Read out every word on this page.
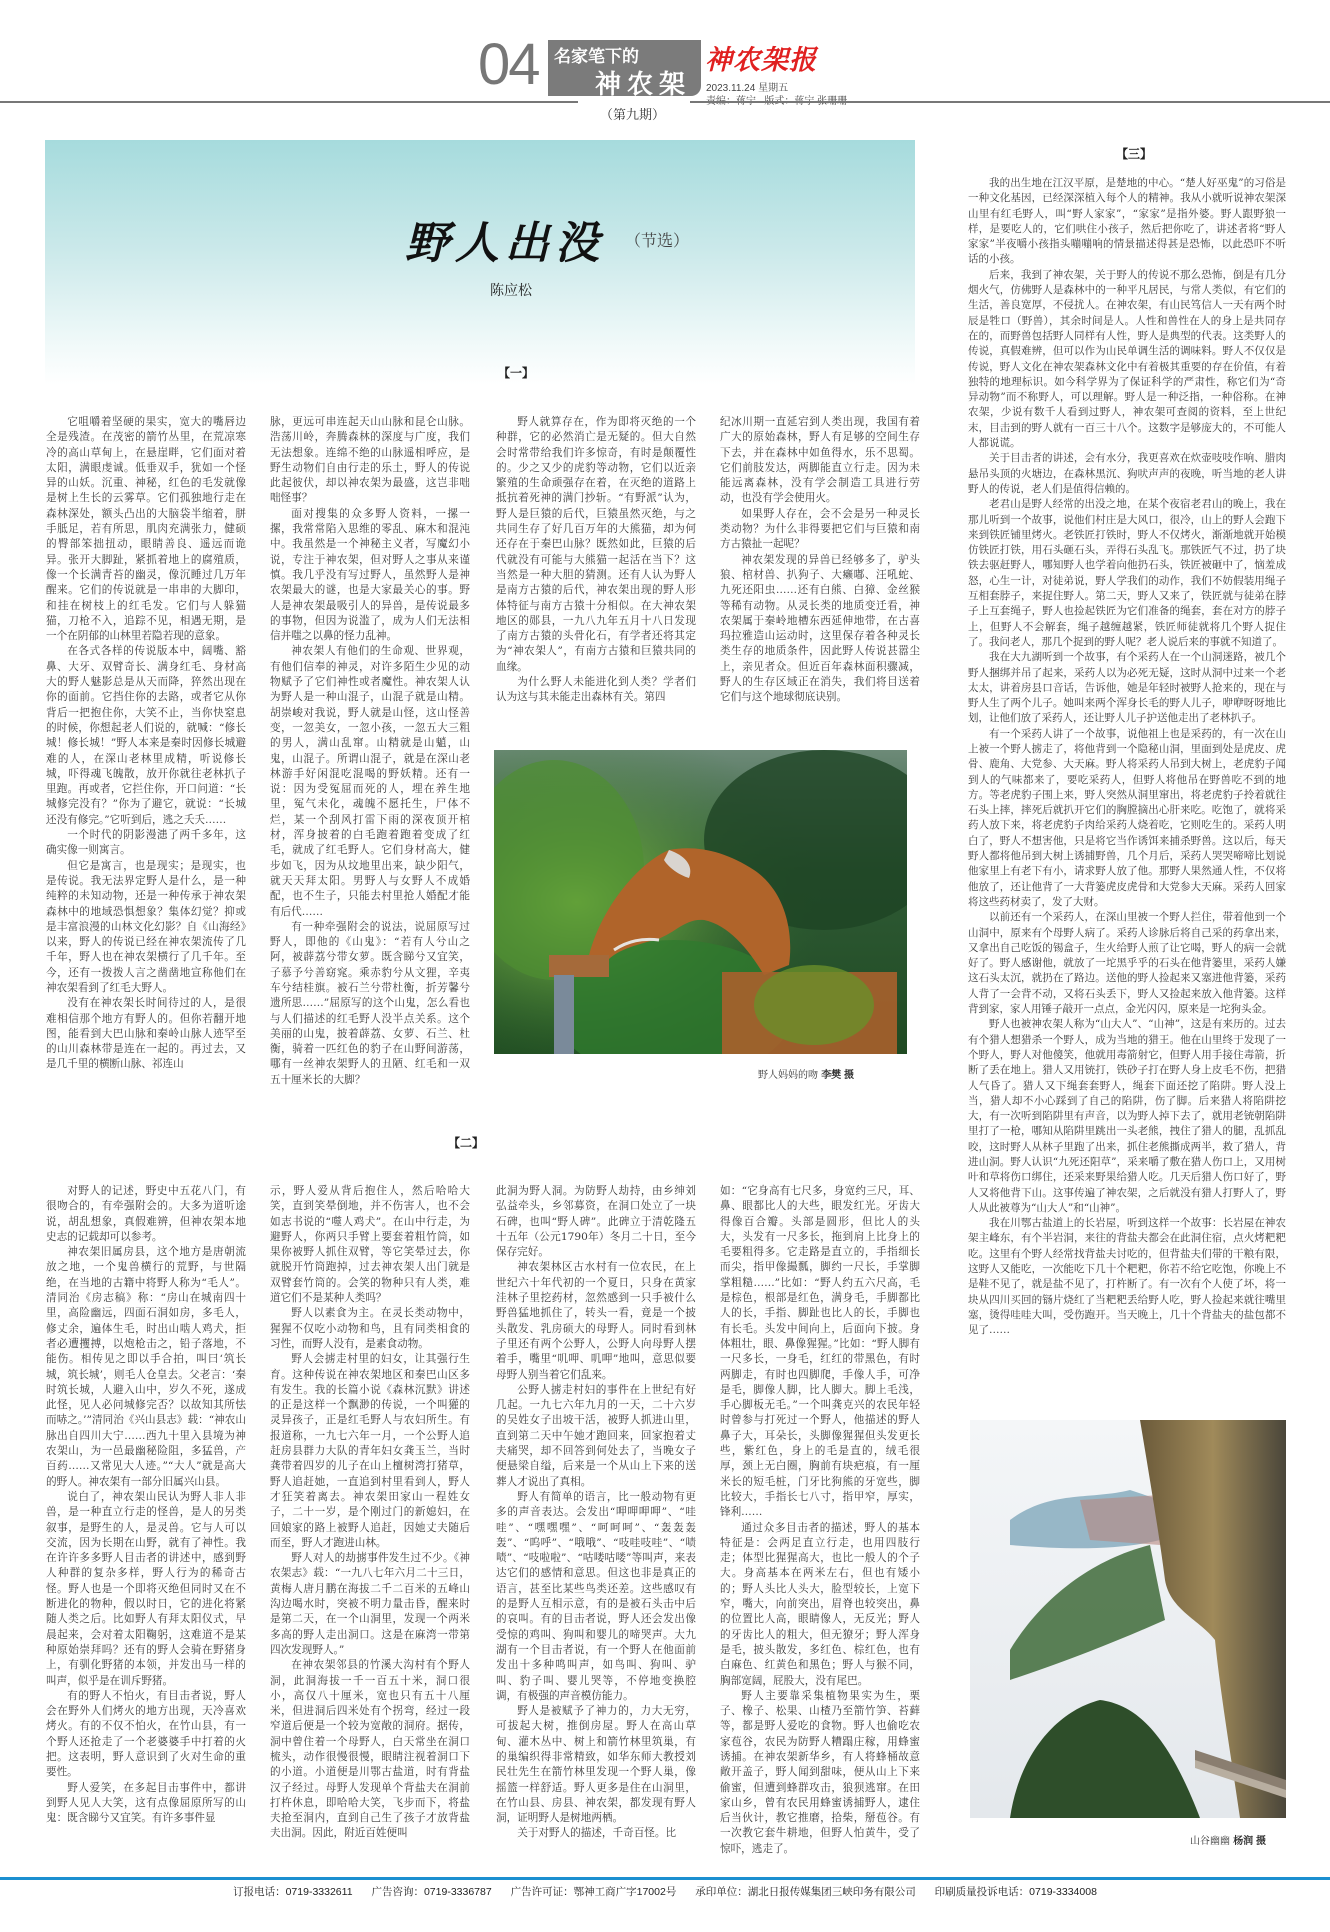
04 名家笔下的
神农架
神农架报
2023.11.24 星期五

（第九期）
野人出没 （节选）
陈应松
【一】

它咀嚼着坚硬的果实，宽大的嘴唇边全是残渣。在茂密的箭竹丛里，在荒凉寒冷的高山草甸上，在悬崖畔，它们面对着太阳，满眼虔诚。低垂双手，犹如一个怪异的山妖。沉重、神秘，红色的毛发就像是树上生长的云雾草。它们孤独地行走在森林深处，额头凸出的大脑袋半缩着，胼手胝足，若有所思，肌肉充满张力，健硕的臀部笨拙扭动，眼睛善良、遥远而诡异。张开大脚趾，紧抓着地上的腐殖质，像一个长满青苔的幽灵，像沉睡过几万年醒来。它们的传说就是一串串的大脚印，和挂在树枝上的红毛发。它们与人躲猫猫，刀枪不入，追踪不见，相遇无期，是一个在阴郁的山林里若隐若现的意象。

在各式各样的传说版本中，阔嘴、豁鼻、大牙、双臂奇长、满身红毛、身材高大的野人魅影总是从天而降，猝然出现在你的面前。它挡住你的去路，或者它从你背后一把抱住你，大笑不止，当你快窒息的时候，你想起老人们说的，就喊：“修长城！修长城！”野人本来是秦时因修长城避难的人，在深山老林里成精，听说修长城，吓得魂飞魄散，放开你就往老林扒子里跑。再或者，它拦住你，开口问道：“长城修完没有？”你为了避它，就说：“长城还没有修完。”它听到后，逃之夭夭……

一个时代的阴影漫漶了两千多年，这确实像一则寓言。

但它是寓言，也是现实；是现实，也是传说。我无法界定野人是什么，是一种纯粹的未知动物，还是一种传承于神农架森林中的地域恐惧想象？集体幻觉？抑或是丰富浪漫的山林文化幻影？自《山海经》以来，野人的传说已经在神农架流传了几千年，野人也在神农架横行了几千年。至今，还有一拨拨人言之凿凿地宣称他们在神农架看到了红毛大野人。

没有在神农架长时间待过的人，是很难相信那个地方有野人的。但你若翻开地图，能看到大巴山脉和秦岭山脉人迹罕至的山川森林带是连在一起的。再过去，又是几千里的横断山脉、祁连山

脉，更远可串连起天山山脉和昆仑山脉。浩荡川岭，奔腾森林的深度与广度，我们无法想象。连绵不绝的山脉遥相呼应，是野生动物们自由行走的乐土，野人的传说此起彼伏，却以神农架为最盛，这岂非咄咄怪事？

面对搜集的众多野人资料，一摞一摞，我常常陷入思维的零乱、麻木和混沌中。我虽然是一个神秘主义者，写魔幻小说，专注于神农架，但对野人之事从来谨慎。我几乎没有写过野人，虽然野人是神农架最大的谜，也是大家最关心的事。野人是神农架最吸引人的异兽，是传说最多的事物，但因为说滥了，成为人们无法相信并嗤之以鼻的怪力乱神。

神农架人有他们的生命观、世界观，有他们信奉的神灵，对许多陌生少见的动物赋予了它们神性或者魔性。神农架人认为野人是一种山混子，山混子就是山精。胡崇峻对我说，野人就是山怪，这山怪善变，一忽美女，一忽小孩，一忽五大三粗的男人，满山乱窜。山精就是山魈，山鬼，山混子。所谓山混子，就是在深山老林游手好闲混吃混喝的野妖精。还有一说：因为受冤屈而死的人，埋在养生地里，冤气未化，魂魄不愿托生，尸体不烂，某一个刮风打雷下雨的深夜顶开棺材，浑身披着的白毛跑着跑着变成了红毛，就成了红毛野人。它们身材高大，健步如飞，因为从坟地里出来，缺少阳气，就天天拜太阳。男野人与女野人不成婚配，也不生子，只能去村里抢人婚配才能有后代……

有一种牵强附会的说法，说屈原写过野人，即他的《山鬼》：“若有人兮山之阿，被薜荔兮带女萝。既含睇兮又宜笑，子慕予兮善窈窕。乘赤豹兮从文狸，辛夷车兮结桂旗。被石兰兮带杜衡，折芳馨兮遗所思……”屈原写的这个山鬼，怎么看也与人们描述的红毛野人没半点关系。这个美丽的山鬼，披着薜荔、女萝、石兰、杜衡，骑着一匹红色的豹子在山野间游荡，哪有一丝神农架野人的丑陋、红毛和一双五十厘米长的大脚？

野人就算存在，作为即将灭绝的一个种群，它的必然消亡是无疑的。但大自然会时常带给我们许多惊奇，有时是颠覆性的。少之又少的虎豹等动物，它们以近亲繁殖的生命顽强存在着，在灭绝的道路上抵抗着死神的满门抄斩。“有野派”认为，野人是巨猿的后代，巨猿虽然灭绝，与之共同生存了好几百万年的大熊猫，却为何还存在于秦巴山脉？既然如此，巨猿的后代就没有可能与大熊猫一起活在当下？这当然是一种大胆的猜测。还有人认为野人是南方古猿的后代，神农架出现的野人形体特征与南方古猿十分相似。在大神农架地区的郧县，一九八九年五月十八日发现了南方古猿的头骨化石，有学者还将其定为“神农架人”，有南方古猿和巨猿共同的血缘。

为什么野人未能进化到人类？学者们认为这与其未能走出森林有关。第四

纪冰川期一直延宕到人类出现，我国有着广大的原始森林，野人有足够的空间生存下去，并在森林中如鱼得水，乐不思蜀。它们前肢发达，两脚能直立行走。因为未能远离森林，没有学会制造工具进行劳动，也没有学会使用火。

如果野人存在，会不会是另一种灵长类动物？为什么非得要把它们与巨猿和南方古猿扯一起呢？

神农架发现的异兽已经够多了，驴头狼、棺材兽、扒狗子、大癞嘟、汪吼蛇、九死还阳虫……还有白熊、白獐、金丝猴等稀有动物。从灵长类的地质变迁看，神农架属于秦岭地槽东西延伸地带，在古喜玛拉雅造山运动时，这里保存着各种灵长类生存的地质条件，因此野人传说甚嚣尘上，亲见者众。但近百年森林面积骤减，野人的生存区域正在消失，我们将目送着它们与这个地球彻底诀别。

野人妈妈的吻 李樊 摄
【二】

对野人的记述，野史中五花八门，有很吻合的，有牵强附会的。大多为道听途说，胡乱想象，真假难辨，但神农架本地史志的记载却可以参考。

神农架旧属房县，这个地方是唐朝流放之地，一个鬼兽横行的荒野，与世隔绝，在当地的古籍中将野人称为“毛人”。清同治《房志稿》称：“房山在城南四十里，高险幽远，四面石洞如房，多毛人，修丈余，遍体生毛，时出山啮人鸡犬，拒者必遭攫搏，以炮枪击之，铅子落地，不能伤。相传见之即以手合拍，叫曰‘筑长城，筑长城’，则毛人仓皇去。父老言：‘秦时筑长城，人避入山中，岁久不死，遂成此怪，见人必问城修完否？以故知其所怯而哧之。’”清同治《兴山县志》载：“神农山脉出自四川大宁……西九十里入县境为神农架山，为一邑最幽秘险阻，多猛兽，产百药……又常见大人迹。”“大人”就是高大的野人。神农架有一部分旧属兴山县。

说白了，神农架山民认为野人非人非兽，是一种直立行走的怪兽，是人的另类叙事，是野生的人，是灵兽。它与人可以交流，因为长期在山野，就有了神性。我在许许多多野人目击者的讲述中，感到野人种群的复杂多样，野人行为的稀奇古怪。野人也是一个即将灭绝但同时又在不断进化的物种，假以时日，它的进化将紧随人类之后。比如野人有拜太阳仪式，早晨起来，会对着太阳鞠躬，这难道不是某种原始崇拜吗？还有的野人会骑在野猪身上，有驯化野猪的本领，并发出马一样的叫声，似乎是在训斥野猪。

有的野人不怕火，有目击者说，野人会在野外人们烤火的地方出现，天冷喜欢烤火。有的不仅不怕火，在竹山县，有一个野人还抢走了一个老婆婆手中打着的火把。这表明，野人意识到了火对生命的重要性。

野人爱笑，在多起目击事件中，都讲到野人见人大笑，这有点像屈原所写的山鬼：既含睇兮又宜笑。有许多事件显

示，野人爱从背后抱住人，然后哈哈大笑，直到笑晕倒地，并不伤害人，也不会如志书说的“噬人鸡犬”。在山中行走，为避野人，你两只手臂上要套着粗竹筒，如果你被野人抓住双臂，等它笑晕过去，你就脱开竹筒跑掉，过去神农架人出门就是双臂套竹筒的。会笑的物种只有人类，难道它们不是某种人类吗？

野人以素食为主。在灵长类动物中，猩猩不仅吃小动物和鸟，且有同类相食的习性，而野人没有，是素食动物。

野人会掳走村里的妇女，让其强行生育。这种传说在神农架地区和秦巴山区多有发生。我的长篇小说《森林沉默》讲述的正是这样一个飘渺的传说，一个叫獾的灵异孩子，正是红毛野人与农妇所生。有报道称，一九七六年一月，一个公野人追赶房县群力大队的青年妇女龚玉兰，当时龚带着四岁的儿子在山上檀树湾打猪草，野人追赶她，一直追到村里看到人，野人才狂笑着离去。神农架田家山一程姓女子，二十一岁，是个刚过门的新媳妇，在回娘家的路上被野人追赶，因她丈夫随后而至，野人才跑进山林。

野人对人的劫掳事件发生过不少。《神农架志》载：“一九八七年六月二十三日，黄梅人唐月鹏在海拔二千二百米的五峰山沟边喝水时，突被不明力量击昏，醒来时是第二天，在一个山洞里，发现一个两米多高的野人走出洞口。这是在麻湾一带第四次发现野人。”

在神农架邻县的竹溪大沟村有个野人洞，此洞海拔一千一百五十米，洞口很小，高仅八十厘米，宽也只有五十八厘米，但进洞后四米处有个拐弯，经过一段窄道后便是一个较为宽敞的洞府。据传，洞中曾住着一个母野人，白天常坐在洞口梳头，动作很慢很慢，眼睛注视着洞口下的小道。小道便是川鄂古盐道，时有背盐汉子经过。母野人发现单个背盐夫在洞前打杵休息，即哈哈大笑，飞步而下，将盐夫抢至洞内，直到自己生了孩子才放背盐夫出洞。因此，附近百姓便叫

此洞为野人洞。为防野人劫持，由乡绅刘弘益牵头，乡邻募资，在洞口处立了一块石碑，也叫“野人碑”。此碑立于清乾隆五十五年（公元1790年）冬月二十日，至今保存完好。

神农架林区古水村有一位农民，在上世纪六十年代初的一个夏日，只身在黄家洼林子里挖药材，忽然感到一只手被什么野兽猛地抓住了，转头一看，竟是一个披头散发、乳房硕大的母野人。同时看到林子里还有两个公野人，公野人向母野人摆着手，嘴里“叽呷、叽呷”地叫，意思似要母野人别当着它们乱来。

公野人掳走村妇的事件在上世纪有好几起。一九七六年九月的一天，二十六岁的吴姓女子出坡干活，被野人抓进山里，直到第二天中午她才跑回来，回家抱着丈夫痛哭，却不回答到何处去了，当晚女子便悬梁自缢，后来是一个从山上下来的送葬人才说出了真相。

野人有简单的语言，比一般动物有更多的声音表达。会发出“呷呷呷呷”、“哇哇”、“嘿嘿嘿”、“呵呵呵”、“轰轰轰轰”、“呜呼”、“哦哦”、“吱哇吱哇”、“啧啧”、“吱啦啦”、“咕喽咕喽”等叫声，来表达它们的感情和意思。但这也非是真正的语言，甚至比某些鸟类还差。这些感叹有的是野人互相示意，有的是被石头击中后的哀叫。有的目击者说，野人还会发出像受惊的鸡叫、狗叫和婴儿的啼哭声。大九湖有一个目击者说，有一个野人在他面前发出十多种鸣叫声，如鸟叫、狗叫、驴叫、豹子叫、婴儿哭等，不停地变换腔调，有极强的声音模仿能力。

野人是被赋予了神力的，力大无穷，可拔起大树，推倒房屋。野人在高山草甸、灌木丛中、树上和箭竹林里筑巢，有的巢编织得非常精致，如华东师大教授刘民壮先生在箭竹林里发现一个野人巢，像摇篮一样舒适。野人更多是住在山洞里，在竹山县、房县、神农架，都发现有野人洞，证明野人是树地两栖。

关于对野人的描述，千奇百怪。比

如：“它身高有七尺多，身宽约三尺，耳、鼻、眼都比人的大些，眼发红光。牙齿大得像百合瓣。头部是圆形，但比人的头大，头发有一尺多长，拖到肩上比身上的毛要粗得多。它走路是直立的，手指细长而尖，指甲像撮瓢，脚约一尺长，手掌脚掌粗糙……”比如：“野人约五六尺高，毛是棕色，根部是红色，满身毛，手脚都比人的长，手指、脚趾也比人的长，手脚也有长毛。头发中间向上，后面向下披。身体粗壮，眼、鼻像猩猩。”比如：“野人脚有一尺多长，一身毛，红红的带黑色，有时两脚走，有时也四脚爬，手像人手，可净是毛，脚像人脚，比人脚大。脚上毛浅，手心脚板无毛。”一个叫龚克兴的农民年轻时曾参与打死过一个野人，他描述的野人鼻子大，耳朵长，头脚像猩猩但头发更长些，紫红色，身上的毛是直的，绒毛很厚，颈上无白圈，胸前有块疤痕，有一厘米长的短毛桩，门牙比狗熊的牙宽些，脚比较大，手指长七八寸，指甲窄，厚实，锋利……

通过众多目击者的描述，野人的基本特征是：会两足直立行走，也用四肢行走；体型比猩猩高大，也比一般人的个子大。身高基本在两米左右，但也有矮小的；野人头比人头大，脸型较长，上宽下窄，嘴大，向前突出，眉脊也较突出，鼻的位置比人高，眼睛像人，无反光；野人的牙齿比人的粗大，但无獠牙；野人浑身是毛，披头散发，多红色、棕红色，也有白麻色、红黄色和黑色；野人与猴不同，胸部宽阔，屁股大，没有尾巴。

野人主要靠采集植物果实为生，栗子、橡子、松果、山楂乃至箭竹笋、苔藓等，都是野人爱吃的食物。野人也偷吃农家苞谷，农民为防野人糟蹋庄稼，用蜂蜜诱捕。在神农架新华乡，有人将蜂桶故意敞开盖子，野人闻到甜味，便从山上下来偷蜜，但遭到蜂群攻击，狼狈逃窜。在田家山乡，曾有农民用蜂蜜诱捕野人，逮住后当伙计，教它推磨，拾柴，掰苞谷。有一次教它套牛耕地，但野人怕黄牛，受了惊吓，逃走了。

【三】

我的出生地在江汉平原，是楚地的中心。“楚人好巫鬼”的习俗是一种文化基因，已经深深植入每个人的精神。我从小就听说神农架深山里有红毛野人，叫“野人家家”，“家家”是指外婆。野人跟野狼一样，是要吃人的，它们哄住小孩子，然后把你吃了，讲述者将“野人家家”半夜嚼小孩指头嘣嘣响的情景描述得甚是恐怖，以此恐吓不听话的小孩。

后来，我到了神农架，关于野人的传说不那么恐怖，倒是有几分烟火气，仿佛野人是森林中的一种平凡居民，与常人类似，有它们的生活，善良宽厚，不侵扰人。在神农架，有山民笃信人一天有两个时辰是牲口（野兽），其余时间是人。人性和兽性在人的身上是共同存在的，而野兽包括野人同样有人性，野人是典型的代表。这类野人的传说，真假难辨，但可以作为山民单调生活的调味料。野人不仅仅是传说，野人文化在神农架森林文化中有着极其重要的存在价值，有着独特的地理标识。如今科学界为了保证科学的严肃性，称它们为“奇异动物”而不称野人，可以理解。野人是一种泛指，一种俗称。在神农架，少说有数千人看到过野人，神农架可查阅的资料，至上世纪末，目击到的野人就有一百三十八个。这数字是够庞大的，不可能人人都说谎。

关于目击者的讲述，会有水分，我更喜欢在炊壶吱吱作响、腊肉悬吊头顶的火塘边，在森林黑沉、狗吠声声的夜晚，听当地的老人讲野人的传说，老人们是值得信赖的。

老君山是野人经常的出没之地，在某个夜宿老君山的晚上，我在那儿听到一个故事，说他们村庄是大风口，很冷，山上的野人会跑下来到铁匠铺里烤火。老铁匠打铁时，野人不仅烤火，渐渐地就开始模仿铁匠打铁，用石头砸石头，弄得石头乱飞。那铁匠气不过，扔了块铁去驱赶野人，哪知野人也学着向他扔石头，铁匠被砸中了，恼羞成怒，心生一计，对徒弟说，野人学我们的动作，我们不妨假装用绳子互相套脖子，来捉住野人。第二天，野人又来了，铁匠就与徒弟在脖子上互套绳子，野人也捡起铁匠为它们准备的绳套，套在对方的脖子上，但野人不会解套，绳子越缠越紧，铁匠师徒就将几个野人捉住了。我问老人，那几个捉到的野人呢？老人说后来的事就不知道了。

我在大九湖听到一个故事，有个采药人在一个山洞迷路，被几个野人捆绑并吊了起来，采药人以为必死无疑，这时从洞中过来一个老太太，讲着房县口音话，告诉他，她是年轻时被野人抢来的，现在与野人生了两个儿子。她叫来两个浑身长毛的野人儿子，咿咿呀呀地比划，让他们放了采药人，还让野人儿子护送他走出了老林扒子。

有一个采药人讲了一个故事，说他祖上也是采药的，有一次在山上被一个野人掳走了，将他背到一个隐秘山洞，里面到处是虎皮、虎骨、鹿角、大党参、大天麻。野人将采药人吊到大树上，老虎豹子闻到人的气味都来了，要吃采药人，但野人将他吊在野兽吃不到的地方。等老虎豹子围上来，野人突然从洞里窜出，将老虎豹子拎着就往石头上摔，摔死后就扒开它们的胸膛摘出心肝来吃。吃饱了，就将采药人放下来，将老虎豹子肉给采药人烧着吃，它则吃生的。采药人明白了，野人不想害他，只是将它当作诱饵来捕杀野兽。这以后，每天野人都将他吊到大树上诱捕野兽，几个月后，采药人哭哭啼啼比划说他家里上有老下有小，请求野人放了他。那野人果然通人性，不仅将他放了，还让他背了一大背篓虎皮虎骨和大党参大天麻。采药人回家将这些药材卖了，发了大财。

以前还有一个采药人，在深山里被一个野人拦住，带着他到一个山洞中，原来有个母野人病了。采药人诊脉后将自己采的药拿出来，又拿出自己吃饭的锡盒子，生火给野人煎了让它喝，野人的病一会就好了。野人感谢他，就放了一坨黑乎乎的石头在他背篓里，采药人嫌这石头太沉，就扔在了路边。送他的野人捡起来又塞进他背篓，采药人背了一会背不动，又将石头丢下，野人又捡起来放入他背篓。这样背到家，家人用锤子敲开一点点，金光闪闪，原来是一坨狗头金。

野人也被神农架人称为“山大人”、“山神”，这是有来历的。过去有个猎人想猎杀一个野人，成为当地的猎王。他在山里终于发现了一个野人，野人对他傻笑，他就用毒箭射它，但野人用手接住毒箭，折断了丢在地上。猎人又用铳打，铁砂子打在野人身上皮毛不伤，把猎人气昏了。猎人又下绳套套野人，绳套下面还挖了陷阱。野人没上当，猎人却不小心踩到了自己的陷阱，伤了脚。后来猎人将陷阱挖大，有一次听到陷阱里有声音，以为野人掉下去了，就用老铳朝陷阱里打了一枪，哪知从陷阱里跳出一头老熊，拽住了猎人的腿，乱抓乱咬，这时野人从林子里跑了出来，抓住老熊撕成两半，救了猎人，背进山洞。野人认识“九死还阳草”，采来嚼了敷在猎人伤口上，又用树叶和草将伤口绑住，还采来野果给猎人吃。几天后猎人伤口好了，野人又将他背下山。这事传遍了神农架，之后就没有猎人打野人了，野人从此被尊为“山大人”和“山神”。

我在川鄂古盐道上的长岩屋，听到这样一个故事：长岩屋在神农架主峰东，有个半岩洞，来往的背盐夫都会在此洞住宿，点火烤粑粑吃。这里有个野人经常找背盐夫讨吃的，但背盐夫们带的干粮有限，这野人又能吃，一次能吃下几十个粑粑，你若不给它吃饱，你晚上不是鞋不见了，就是盐不见了，打杵断了。有一次有个人使了坏，将一块从四川买回的铴片烧红了当粑粑丢给野人吃，野人捡起来就往嘴里塞，烫得哇哇大叫，受伤跑开。当天晚上，几十个背盐夫的盐包都不见了……

山谷幽幽 杨润 摄
订报电话：0719-3332611 广告咨询：0719-3336787 广告许可证：鄂神工商广字17002号 承印单位：湖北日报传媒集团三峡印务有限公司 印刷质量投诉电话：0719-3334008
